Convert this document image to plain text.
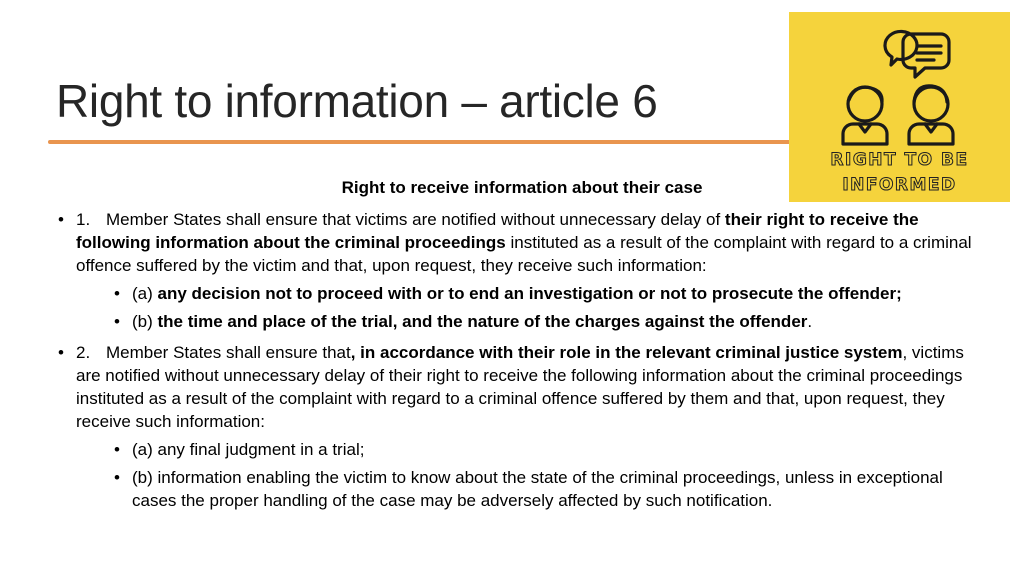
Right to information – article 6
RIGHT TO BE
INFORMED
Right to receive information about their case
• 1. Member States shall ensure that victims are notified without unnecessary delay of their right to receive the following information about the criminal proceedings instituted as a result of the complaint with regard to a criminal offence suffered by the victim and that, upon request, they receive such information:
• (a) any decision not to proceed with or to end an investigation or not to prosecute the offender;
• (b) the time and place of the trial, and the nature of the charges against the offender.
• 2. Member States shall ensure that, in accordance with their role in the relevant criminal justice system, victims are notified without unnecessary delay of their right to receive the following information about the criminal proceedings instituted as a result of the complaint with regard to a criminal offence suffered by them and that, upon request, they receive such information:
• (a) any final judgment in a trial;
• (b) information enabling the victim to know about the state of the criminal proceedings, unless in exceptional cases the proper handling of the case may be adversely affected by such notification.
